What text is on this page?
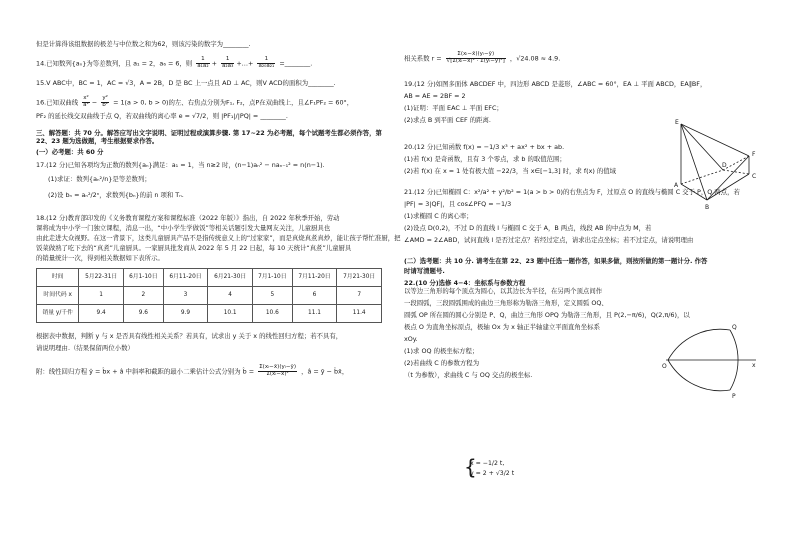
但是计算得该组数据的极差与中位数之和为62，则该污染的数字为________.

14.已知数列{aₙ}为等差数列，且 a₁ = 2，a₆ = 6，则 $\frac{1}{\text{a₁a₂}} + \frac{1}{\text{a₂a₃}}$ +…+ $\frac{1}{\text{a₂₀a₂₁}}$ =________.

15.V ABC中，BC = 1，AC = √3，A = 2B，D 是 BC 上一点且 AD ⊥ AC，则V ACD的面积为________.

16.已知双曲线 $\frac{\text{x²}}{\text{a²}} - \frac{\text{y²}}{\text{b²}} = 1(a > 0$, b > 0)的左、右焦点分别为F₁, F₂，点P在双曲线上，且∠F₁PF₂ = 60°，

PF₂ 的延长线交双曲线于点 Q，若双曲线的离心率 e = √7/2，则 |PF₁|/|PQ| = ________.

三、解答题：共 70 分。解答应写出文字说明、证明过程或演算步骤. 第 17~22 为必考题，每个试题考生都必须作答，第 22、23 题为选做题，考生根据要求作答。

(一）必考题：共 60 分

17.(12 分)已知各项均为正数的数列{aₙ}满足：a₁ = 1，当 n≥2 时，(n−1)aₙ² − naₙ₋₁² = n(n−1).

(1)求证：数列{aₙ²/n}是等差数列；

(2)设 bₙ = aₙ²/2ⁿ，求数列{bₙ}的前 n 项和 Tₙ.

18.(12 分)教育部印发的《义务教育课程方案和课程标准（2022 年版）》指出，自 2022 年秋季开始，劳动

课将成为中小学一门独立课程，消息一出，“中小学生学做饭”等相关话题引发大量网友关注，儿童厨具也

由此走进大众视野。在这一背景下，这类儿童厨具产品不是指传统意义上的“过家家”，而是真烧真煮真炒，能让孩子帮忙准厨，把

饭菜做熟了吃下去的“真煮”儿童厨具。一家厨具批发商从 2022 年 5 月 22 日起，每 10 天统计“真煮”儿童厨具

的销量统计一次，得到相关数据如下表所示。

时间	5月22-31日	6月1-10日	6月11-20日	6月21-30日	7月1-10日	7月11-20日	7月21-30日
时间代码 x	1	2	3	4	5	6	7
销量 y/千件	9.4	9.6	9.9	10.1	10.6	11.1	11.4

根据表中数据，判断 y 与 x 是否具有线性相关关系？若具有，试求出 y 关于 x 的线性回归方程；若不具有，

请说明理由.（结果保留两位小数）

附：线性回归方程 ŷ = b̂x + â 中斜率和截距的最小二乘估计公式分别为 b̂ = $\frac{\text{Σ(xᵢ−x̄)(yᵢ−ȳ)}}{\text{Σ(xᵢ−x̄)²}}$ ，â = ȳ − b̂x̄，

相关系数 $r = \frac{\text{Σ(xᵢ−x̄)(yᵢ−ȳ)}}{\text{√[Σ(xᵢ−x̄)² · Σ(yᵢ−ȳ)²]}}$ ，√24.08 ≈ 4.9.

19.(12 分)如图多面体 ABCDEF 中，四边形 ABCD 是菱形，∠ABC = 60°，EA ⊥ 平面 ABCD，EA∥BF，

AB = AE = 2BF = 2

(1)证明：平面 EAC ⊥ 平面 EFC；

(2)求点 B 到平面 CEF 的距离.

20.(12 分)已知函数 f(x) = −1/3 x³ + ax² + bx + ab.

(1)若 f(x) 是奇函数，且有 3 个零点，求 b 的取值范围；

(2)若 f(x) 在 x = 1 处有极大值 −22/3，当 x∈[−1,3] 时，求 f(x) 的值域

21.(12 分)已知椭圆 C：x²/a² + y²/b² = 1(a > b > 0)的右焦点为 F，过原点 O 的直线与椭圆 C 交于 P，Q 两点，若

|PF| = 3|QF|，且 cos∠PFQ = −1/3

(1)求椭圆 C 的离心率；

(2)设点 D(0,2)，不过 D 的直线 l 与椭圆 C 交于 A，B 两点，线段 AB 的中点为 M，若

∠AMD = 2∠ABD，试问直线 l 是否过定点？若经过定点，请求出定点坐标；若不过定点，请说明理由

(二）选考题：共 10 分. 请考生在第 22、23 题中任选一题作答，如果多做，则按所做的第一题计分. 作答

时请写清题号.

22.(10 分)选修 4−4：坐标系与参数方程

以等边三角形的每个顶点为圆心，以其边长为半径，在另两个顶点间作

一段圆弧，三段圆弧围成的曲边三角形称为勒洛三角形，定义圆弧 OQ、

圆弧 OP 所在圆的圆心分别是 P、Q，曲边三角形 OPQ 为勒洛三角形，且 P(2,−π/6)，Q(2,π/6)，以

极点 O 为直角坐标原点，极轴 Ox 为 x 轴正半轴建立平面直角坐标系

xOy.

(1)求 OQ 的极坐标方程；

(2)若曲线 C 的参数方程为

（t 为参数），求曲线 C 与 OQ 交点的极坐标.

E
F
A
B
C
D
Q
O
P
x
{
x = −1/2 t,
y = 2 + √3/2 t
